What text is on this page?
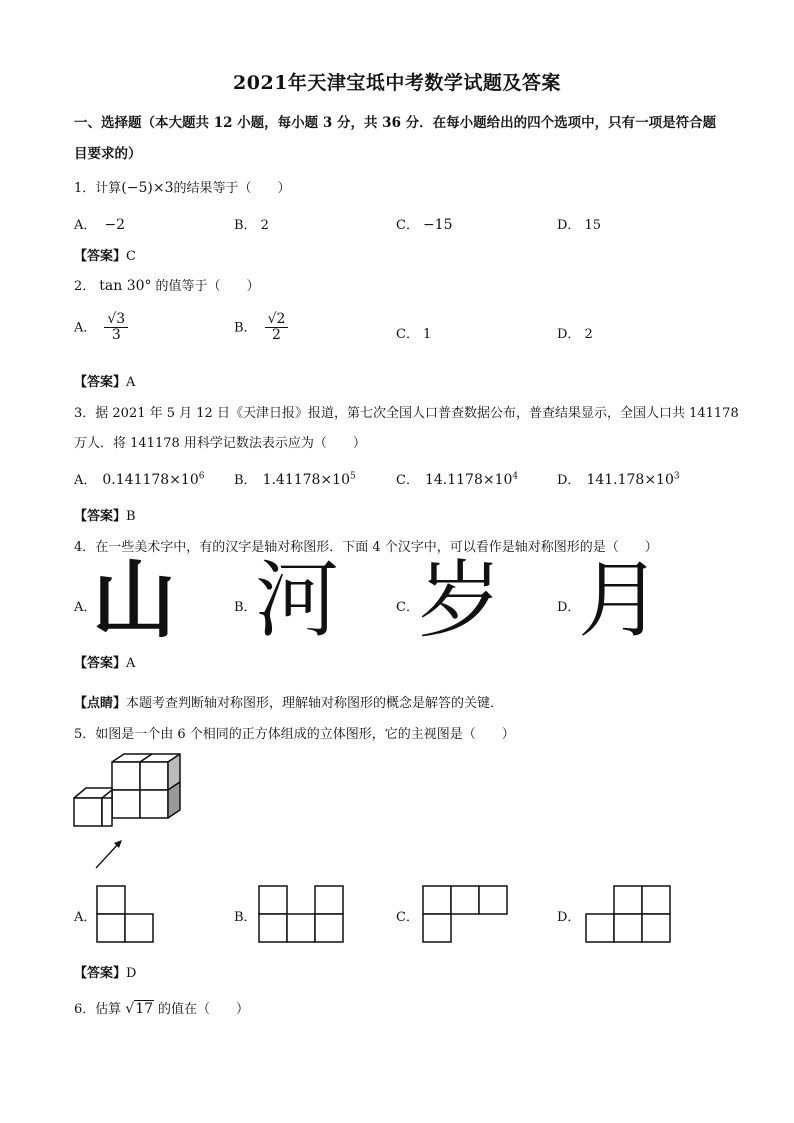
2021年天津宝坻中考数学试题及答案
一、选择题（本大题共 12 小题，每小题 3 分，共 36 分．在每小题给出的四个选项中，只有一项是符合题
目要求的）
1．计算(−5)×3的结果等于（　　）
A． −2	B． 2	C． −15	D． 15
【答案】C
2． tan 30° 的值等于（　　）
A． $\frac{√3}{3}$	B． $\frac{√2}{2}$	C． 1	D． 2
【答案】A
3．据 2021 年 5 月 12 日《天津日报》报道，第七次全国人口普查数据公布，普查结果显示，全国人口共 141178
万人．将 141178 用科学记数法表示应为（　　）
A． $0.141178\times 10^6$ B． $1.41178\times 10^5$	C． $14.1178\times 10^4$	D． $141.178\times 10^3$
【答案】B
4．在一些美术字中，有的汉字是轴对称图形．下面 4 个汉字中，可以看作是轴对称图形的是（　　）
A．
山	B．
河	C． 岁	D．
月
【答案】A
【点睛】本题考查判断轴对称图形，理解轴对称图形的概念是解答的关键．
5．如图是一个由 6 个相同的正方体组成的立体图形，它的主视图是（　　）
A．	B．	C．	D．
【答案】D
6．估算 √17 的值在（　　）
